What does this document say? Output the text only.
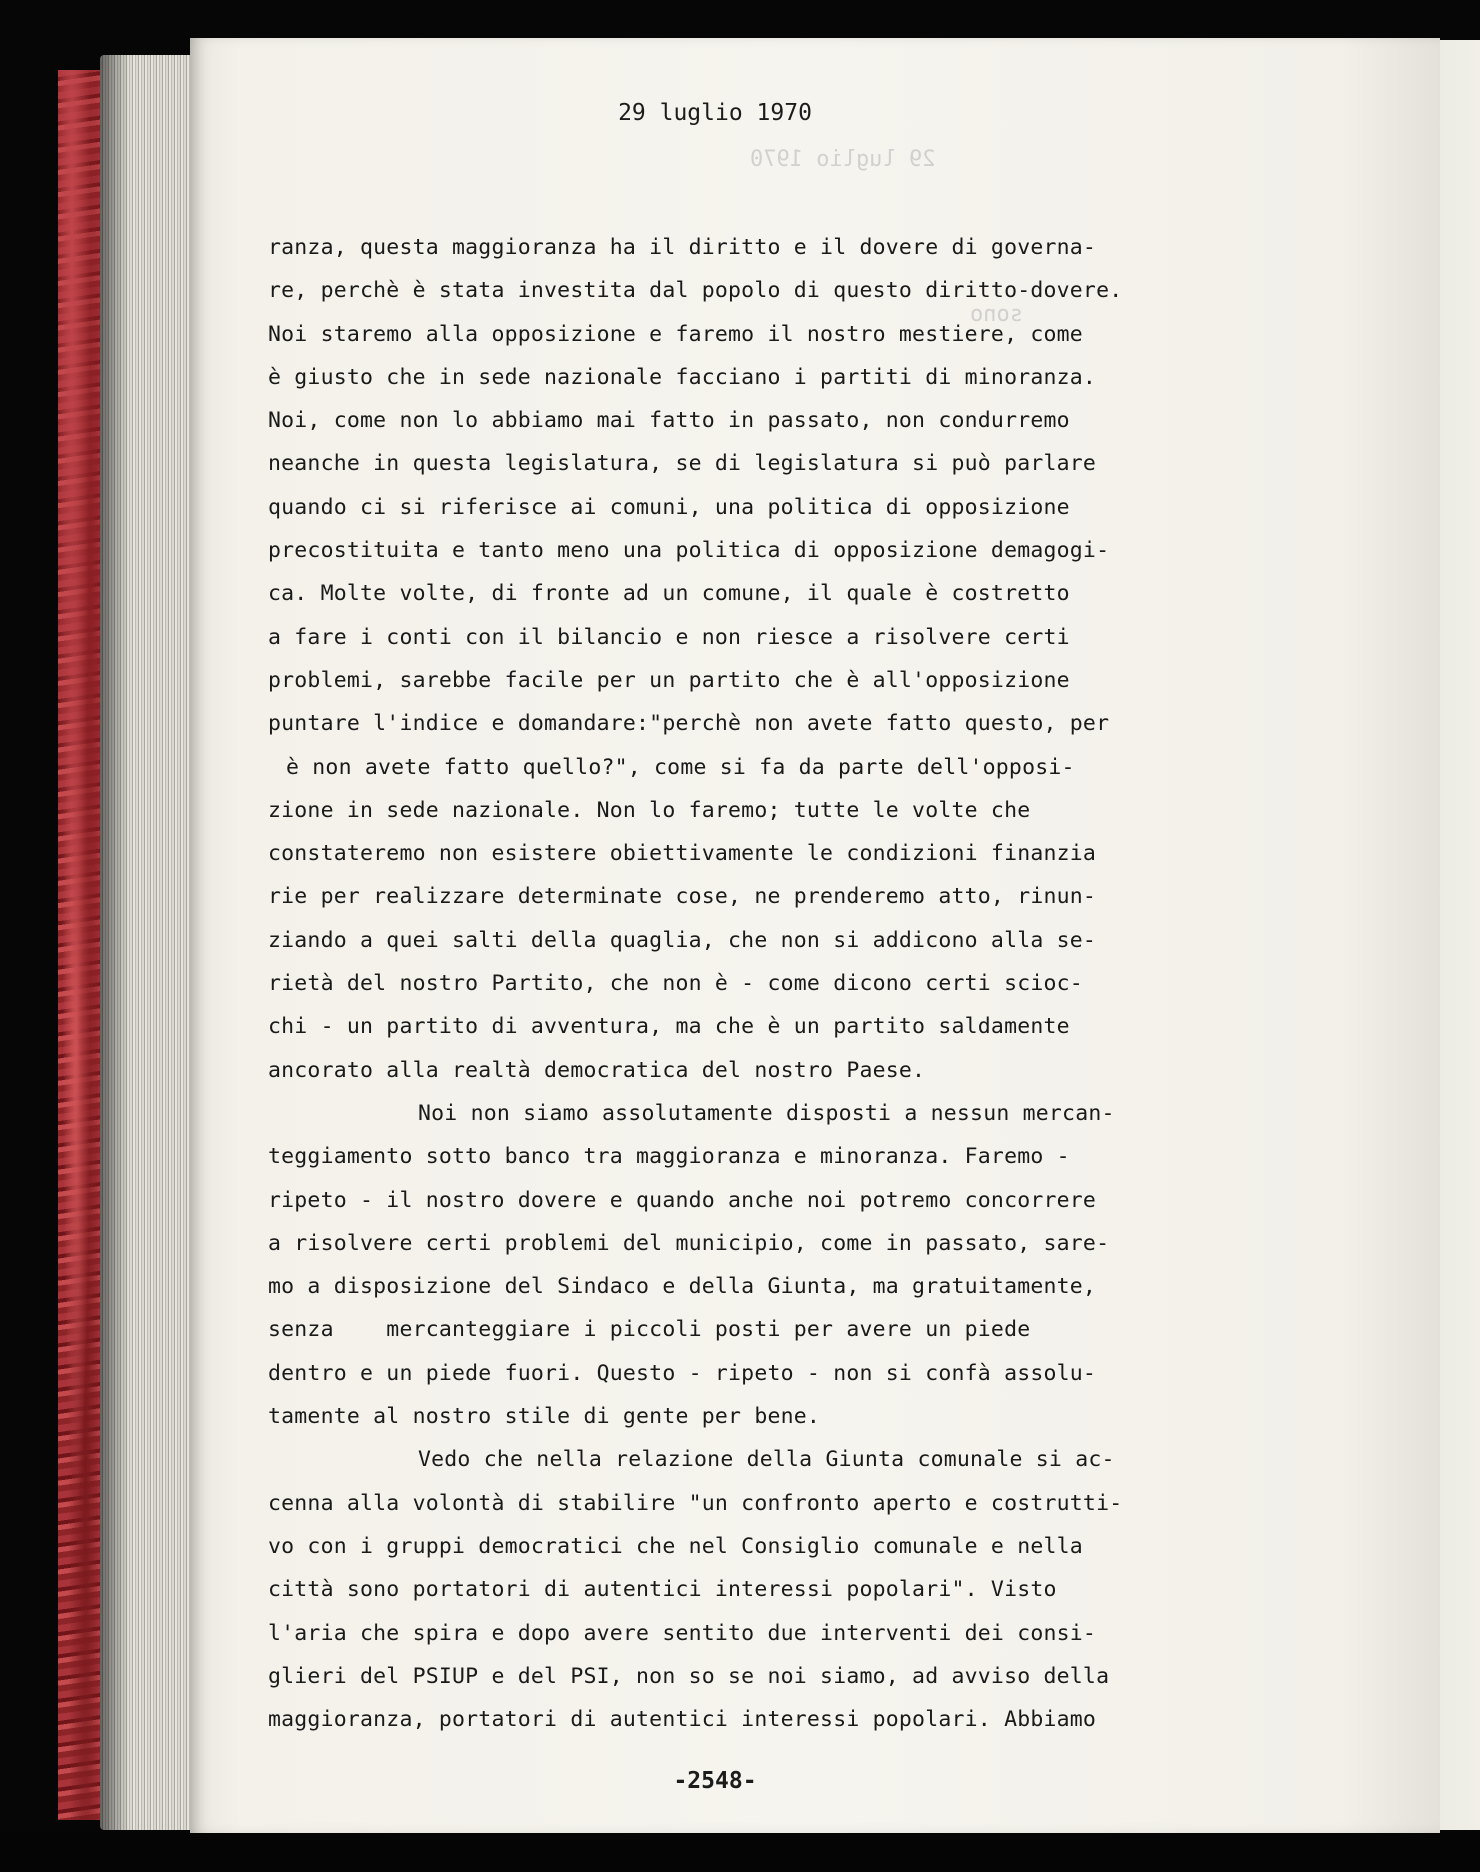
29 luglio 1970
sono
29 luglio 1970
ranza, questa maggioranza ha il diritto e il dovere di governa-
re, perchè è stata investita dal popolo di questo diritto-dovere.
Noi staremo alla opposizione e faremo il nostro mestiere, come
è giusto che in sede nazionale facciano i partiti di minoranza.
Noi, come non lo abbiamo mai fatto in passato, non condurremo
neanche in questa legislatura, se di legislatura si può parlare
quando ci si riferisce ai comuni, una politica di opposizione
precostituita e tanto meno una politica di opposizione demagogi-
ca. Molte volte, di fronte ad un comune, il quale è costretto
a fare i conti con il bilancio e non riesce a risolvere certi
problemi, sarebbe facile per un partito che è all'opposizione
puntare l'indice e domandare:"perchè non avete fatto questo, per
è non avete fatto quello?", come si fa da parte dell'opposi-
zione in sede nazionale. Non lo faremo; tutte le volte che
constateremo non esistere obiettivamente le condizioni finanzia
rie per realizzare determinate cose, ne prenderemo atto, rinun-
ziando a quei salti della quaglia, che non si addicono alla se-
rietà del nostro Partito, che non è - come dicono certi scioc-
chi - un partito di avventura, ma che è un partito saldamente
ancorato alla realtà democratica del nostro Paese.
Noi non siamo assolutamente disposti a nessun mercan-
teggiamento sotto banco tra maggioranza e minoranza. Faremo -
ripeto - il nostro dovere e quando anche noi potremo concorrere
a risolvere certi problemi del municipio, come in passato, sare-
mo a disposizione del Sindaco e della Giunta, ma gratuitamente,
senza    mercanteggiare i piccoli posti per avere un piede
dentro e un piede fuori. Questo - ripeto - non si confà assolu-
tamente al nostro stile di gente per bene.
Vedo che nella relazione della Giunta comunale si ac-
cenna alla volontà di stabilire "un confronto aperto e costrutti-
vo con i gruppi democratici che nel Consiglio comunale e nella
città sono portatori di autentici interessi popolari". Visto
l'aria che spira e dopo avere sentito due interventi dei consi-
glieri del PSIUP e del PSI, non so se noi siamo, ad avviso della
maggioranza, portatori di autentici interessi popolari. Abbiamo
-2548-
